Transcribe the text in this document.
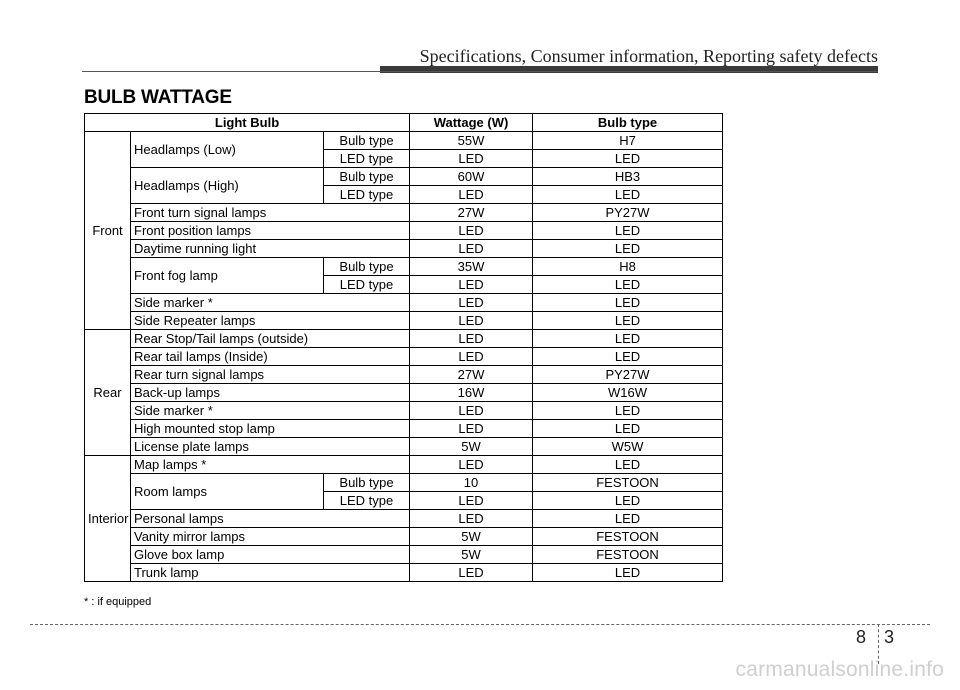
Specifications, Consumer information, Reporting safety defects
BULB WATTAGE
Light Bulb			Wattage (W)	Bulb type
Front	Headlamps (Low)	Bulb type	55W	H7
		LED type	LED	LED
	Headlamps (High)	Bulb type	60W	HB3
		LED type	LED	LED
	Front turn signal lamps		27W	PY27W
	Front position lamps		LED	LED
	Daytime running light		LED	LED
	Front fog lamp	Bulb type	35W	H8
		LED type	LED	LED
	Side marker *		LED	LED
	Side Repeater lamps		LED	LED
Rear	Rear Stop/Tail lamps (outside)		LED	LED
	Rear tail lamps (Inside)		LED	LED
	Rear turn signal lamps		27W	PY27W
	Back-up lamps		16W	W16W
	Side marker *		LED	LED
	High mounted stop lamp		LED	LED
	License plate lamps		5W	W5W
Interior	Map lamps *		LED	LED
	Room lamps	Bulb type	10	FESTOON
		LED type	LED	LED
	Personal lamps		LED	LED
	Vanity mirror lamps		5W	FESTOON
	Glove box lamp		5W	FESTOON
	Trunk lamp		LED	LED
* : if equipped
8 3
carmanualsonline.info
